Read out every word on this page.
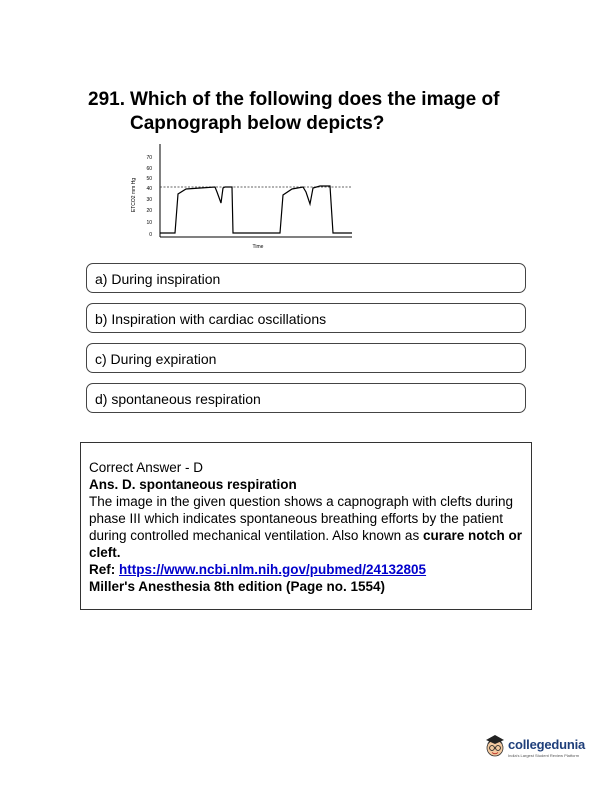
291. Which of the following does the image of Capnograph below depicts?
ETCO2 mm Hg
70
60
50
40
30
20
10
0
Time
a) During inspiration
b) Inspiration with cardiac oscillations
c) During expiration
d) spontaneous respiration
Correct Answer - D
Ans. D. spontaneous respiration
The image in the given question shows a capnograph with clefts during phase III which indicates spontaneous breathing efforts by the patient during controlled mechanical ventilation. Also known as curare notch or cleft.
Ref: https://www.ncbi.nlm.nih.gov/pubmed/24132805
Miller's Anesthesia 8th edition (Page no. 1554)
collegedunia
India's Largest Student Review Platform
